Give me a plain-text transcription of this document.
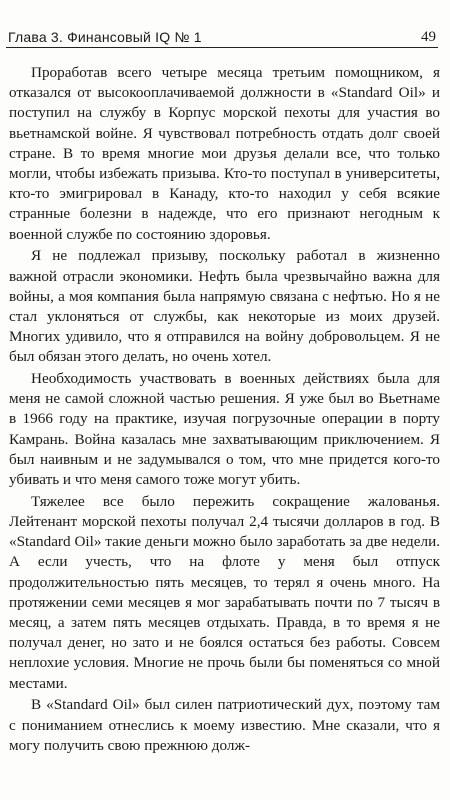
Глава 3. Финансовый IQ № 1	49

Проработав всего четыре месяца третьим помощником, я отказался от высокооплачиваемой должности в «Standard Oil» и поступил на службу в Корпус морской пехоты для участия во вьетнамской войне. Я чувствовал потребность отдать долг своей стране. В то время многие мои друзья делали все, что только могли, чтобы избежать призыва. Кто-то поступал в университеты, кто-то эмигрировал в Канаду, кто-то находил у себя всякие странные болезни в надежде, что его признают негодным к военной службе по состоянию здоровья.

Я не подлежал призыву, поскольку работал в жизненно важной отрасли экономики. Нефть была чрезвычайно важна для войны, а моя компания была напрямую связана с нефтью. Но я не стал уклоняться от службы, как некоторые из моих друзей. Многих удивило, что я отправился на войну добровольцем. Я не был обязан этого делать, но очень хотел.

Необходимость участвовать в военных действиях была для меня не самой сложной частью решения. Я уже был во Вьетнаме в 1966 году на практике, изучая погрузочные операции в порту Камрань. Война казалась мне захватывающим приключением. Я был наивным и не задумывался о том, что мне придется кого-то убивать и что меня самого тоже могут убить.

Тяжелее все было пережить сокращение жалованья. Лейтенант морской пехоты получал 2,4 тысячи долларов в год. В «Standard Oil» такие деньги можно было заработать за две недели. А если учесть, что на флоте у меня был отпуск продолжительностью пять месяцев, то терял я очень много. На протяжении семи месяцев я мог зарабатывать почти по 7 тысяч в месяц, а затем пять месяцев отдыхать. Правда, в то время я не получал денег, но зато и не боялся остаться без работы. Совсем неплохие условия. Многие не прочь были бы поменяться со мной местами.

В «Standard Oil» был силен патриотический дух, поэтому там с пониманием отнеслись к моему известию. Мне сказали, что я могу получить свою прежнюю долж-
